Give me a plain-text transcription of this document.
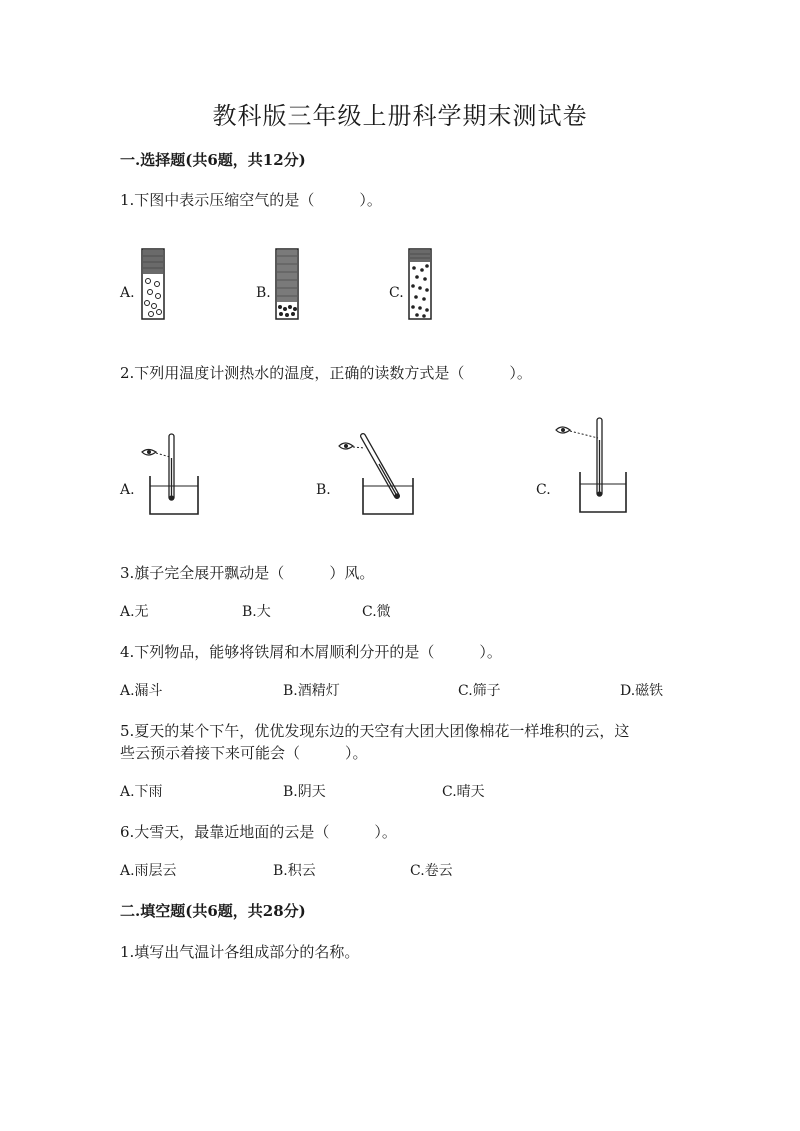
教科版三年级上册科学期末测试卷
一.选择题(共6题，共12分)
1.下图中表示压缩空气的是（　　　）。
A.	B.	C.
2.下列用温度计测热水的温度，正确的读数方式是（　　　）。
A.	B.	C.
3.旗子完全展开飘动是（　　　）风。
A.无	B.大	C.微
4.下列物品，能够将铁屑和木屑顺利分开的是（　　　）。
A.漏斗	B.酒精灯	C.筛子	D.磁铁
5.夏天的某个下午，优优发现东边的天空有大团大团像棉花一样堆积的云，这
些云预示着接下来可能会（　　　）。
A.下雨	B.阴天	C.晴天
6.大雪天，最靠近地面的云是（　　　）。
A.雨层云	B.积云	C.卷云
二.填空题(共6题，共28分)
1.填写出气温计各组成部分的名称。
